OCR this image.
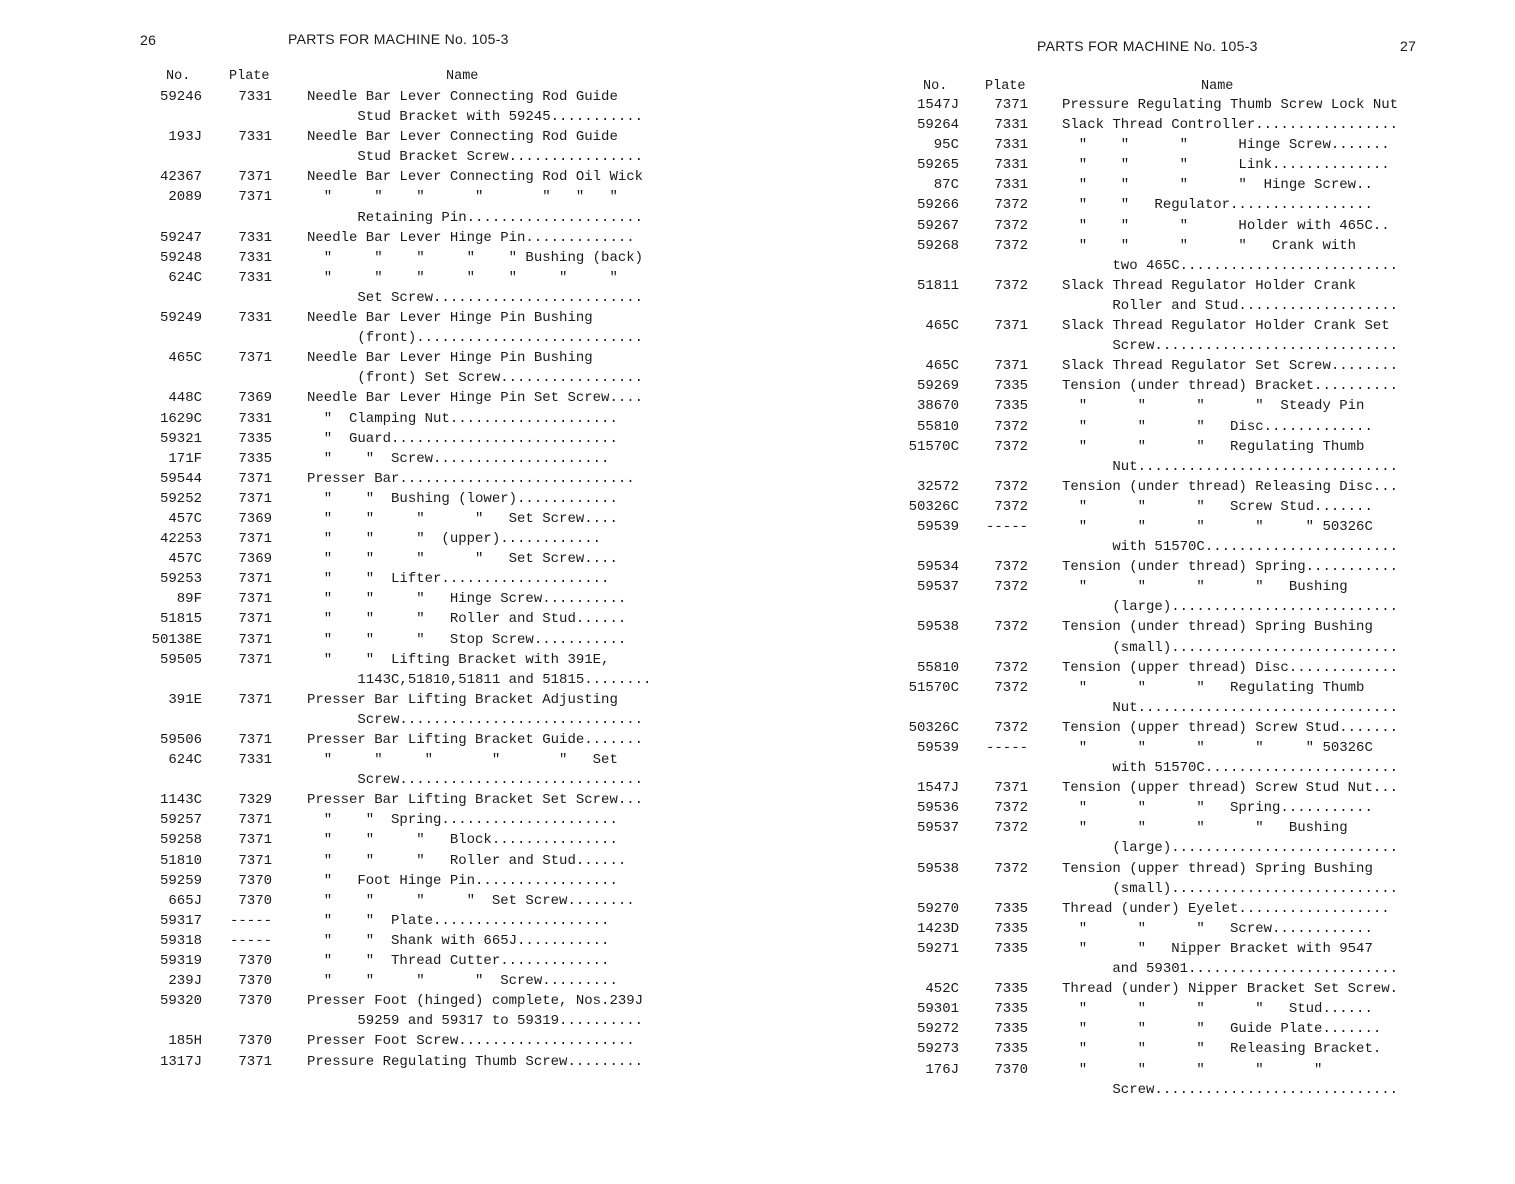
26	PARTS FOR MACHINE No. 105-3
No.	Plate	Name
59246	7331	Needle Bar Lever Connecting Rod Guide
Stud Bracket with 59245...........
193J	7331	Needle Bar Lever Connecting Rod Guide
Stud Bracket Screw................
42367	7371	Needle Bar Lever Connecting Rod Oil Wick
2089	7371	"     "    "      "       "   "   "
Retaining Pin.....................
59247	7331	Needle Bar Lever Hinge Pin.............
59248	7331	"     "    "     "    " Bushing (back)
624C	7331	"     "    "     "    "     "     "
Set Screw.........................
59249	7331	Needle Bar Lever Hinge Pin Bushing
(front)...........................
465C	7371	Needle Bar Lever Hinge Pin Bushing
(front) Set Screw.................
448C	7369	Needle Bar Lever Hinge Pin Set Screw....
1629C	7331	"  Clamping Nut....................
59321	7335	"  Guard...........................
171F	7335	"    "  Screw.....................
59544	7371	Presser Bar............................
59252	7371	"    "  Bushing (lower)............
457C	7369	"    "     "      "   Set Screw....
42253	7371	"    "     "  (upper)............
457C	7369	"    "     "      "   Set Screw....
59253	7371	"    "  Lifter....................
89F	7371	"    "     "   Hinge Screw..........
51815	7371	"    "     "   Roller and Stud......
50138E	7371	"    "     "   Stop Screw...........
59505	7371	"    "  Lifting Bracket with 391E,
1143C,51810,51811 and 51815........
391E	7371	Presser Bar Lifting Bracket Adjusting
Screw.............................
59506	7371	Presser Bar Lifting Bracket Guide.......
624C	7331	"     "     "       "       "   Set
Screw.............................
1143C	7329	Presser Bar Lifting Bracket Set Screw...
59257	7371	"    "  Spring.....................
59258	7371	"    "     "   Block...............
51810	7371	"    "     "   Roller and Stud......
59259	7370	"   Foot Hinge Pin.................
665J	7370	"    "     "     "  Set Screw........
59317	-----	"    "  Plate.....................
59318	-----	"    "  Shank with 665J...........
59319	7370	"    "  Thread Cutter.............
239J	7370	"    "     "      "  Screw.........
59320	7370	Presser Foot (hinged) complete, Nos.239J
59259 and 59317 to 59319..........
185H	7370	Presser Foot Screw.....................
1317J	7371	Pressure Regulating Thumb Screw.........
PARTS FOR MACHINE No. 105-3	27
No.	Plate	Name
1547J	7371 Pressure Regulating Thumb Screw Lock Nut
59264	7331 Slack Thread Controller.................
95C	7331 "    "      "      Hinge Screw.......
59265	7331 "    "      "      Link..............
87C	7331 "    "      "      "  Hinge Screw..
59266	7372 "    "   Regulator.................
59267	7372 "    "      "      Holder with 465C..
59268	7372 "    "      "      "   Crank with
two 465C..........................
51811	7372 Slack Thread Regulator Holder Crank
Roller and Stud...................
465C	7371 Slack Thread Regulator Holder Crank Set
Screw.............................
465C	7371 Slack Thread Regulator Set Screw........
59269	7335 Tension (under thread) Bracket..........
38670	7335 "      "      "      "  Steady Pin
55810	7372 "      "      "   Disc.............
51570C	7372 "      "      "   Regulating Thumb
Nut...............................
32572	7372 Tension (under thread) Releasing Disc...
50326C	7372 "      "      "   Screw Stud.......
59539	----- "      "      "      "     " 50326C
with 51570C.......................
59534	7372 Tension (under thread) Spring...........
59537	7372 "      "      "      "   Bushing
(large)...........................
59538	7372 Tension (under thread) Spring Bushing
(small)...........................
55810	7372 Tension (upper thread) Disc.............
51570C	7372 "      "      "   Regulating Thumb
Nut...............................
50326C	7372 Tension (upper thread) Screw Stud.......
59539	----- "      "      "      "     " 50326C
with 51570C.......................
1547J	7371 Tension (upper thread) Screw Stud Nut...
59536	7372 "      "      "   Spring...........
59537	7372 "      "      "      "   Bushing
(large)...........................
59538	7372 Tension (upper thread) Spring Bushing
(small)...........................
59270	7335 Thread (under) Eyelet..................
1423D	7335 "      "      "   Screw............
59271	7335 "      "   Nipper Bracket with 9547
and 59301.........................
452C	7335 Thread (under) Nipper Bracket Set Screw.
59301	7335 "      "      "      "   Stud......
59272	7335 "      "      "   Guide Plate.......
59273	7335 "      "      "   Releasing Bracket.
176J	7370 "      "      "      "      "
Screw.............................
